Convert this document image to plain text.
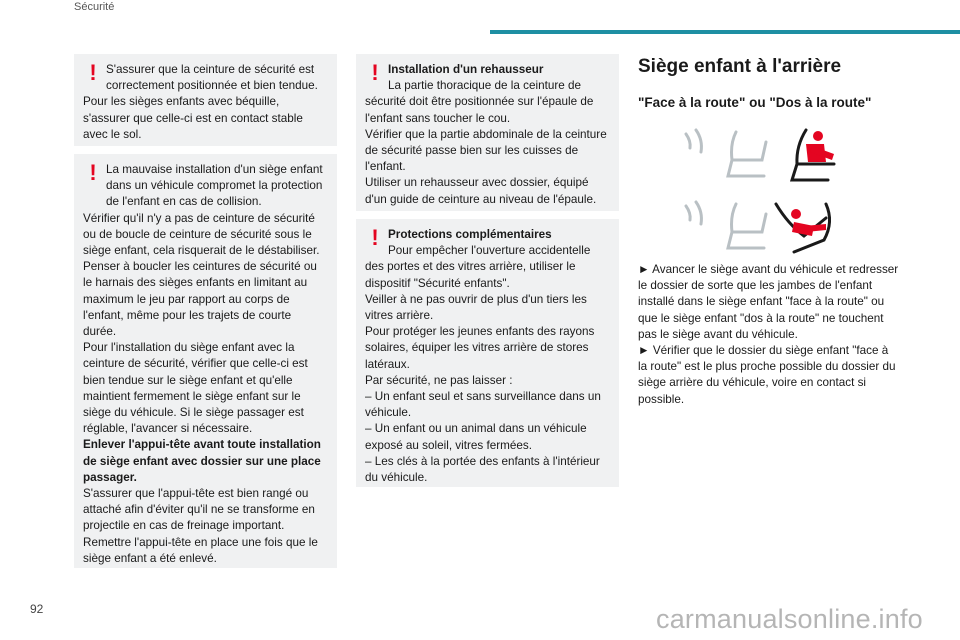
Sécurité
! S'assurer que la ceinture de sécurité est correctement positionnée et bien tendue.

Pour les sièges enfants avec béquille, s'assurer que celle-ci est en contact stable avec le sol.

! La mauvaise installation d'un siège enfant dans un véhicule compromet la protection de l'enfant en cas de collision.

Vérifier qu'il n'y a pas de ceinture de sécurité ou de boucle de ceinture de sécurité sous le siège enfant, cela risquerait de le déstabiliser.

Penser à boucler les ceintures de sécurité ou le harnais des sièges enfants en limitant au maximum le jeu par rapport au corps de l'enfant, même pour les trajets de courte durée.

Pour l'installation du siège enfant avec la ceinture de sécurité, vérifier que celle-ci est bien tendue sur le siège enfant et qu'elle maintient fermement le siège enfant sur le siège du véhicule. Si le siège passager est réglable, l'avancer si nécessaire.

Enlever l'appui-tête avant toute installation de siège enfant avec dossier sur une place passager.

S'assurer que l'appui-tête est bien rangé ou attaché afin d'éviter qu'il ne se transforme en projectile en cas de freinage important. Remettre l'appui-tête en place une fois que le siège enfant a été enlevé.

! Installation d'un rehausseur

La partie thoracique de la ceinture de sécurité doit être positionnée sur l'épaule de l'enfant sans toucher le cou.

Vérifier que la partie abdominale de la ceinture de sécurité passe bien sur les cuisses de l'enfant.

Utiliser un rehausseur avec dossier, équipé d'un guide de ceinture au niveau de l'épaule.

! Protections complémentaires

Pour empêcher l'ouverture accidentelle des portes et des vitres arrière, utiliser le dispositif "Sécurité enfants".

Veiller à ne pas ouvrir de plus d'un tiers les vitres arrière.

Pour protéger les jeunes enfants des rayons solaires, équiper les vitres arrière de stores latéraux.

Par sécurité, ne pas laisser :

– Un enfant seul et sans surveillance dans un véhicule.

– Un enfant ou un animal dans un véhicule exposé au soleil, vitres fermées.

– Les clés à la portée des enfants à l'intérieur du véhicule.

Siège enfant à l'arrière
"Face à la route" ou "Dos à la route"

► Avancer le siège avant du véhicule et redresser le dossier de sorte que les jambes de l'enfant installé dans le siège enfant "face à la route" ou que le siège enfant "dos à la route" ne touchent pas le siège avant du véhicule.

► Vérifier que le dossier du siège enfant "face à la route" est le plus proche possible du dossier du siège arrière du véhicule, voire en contact si possible.

92	carmanualsonline.info
